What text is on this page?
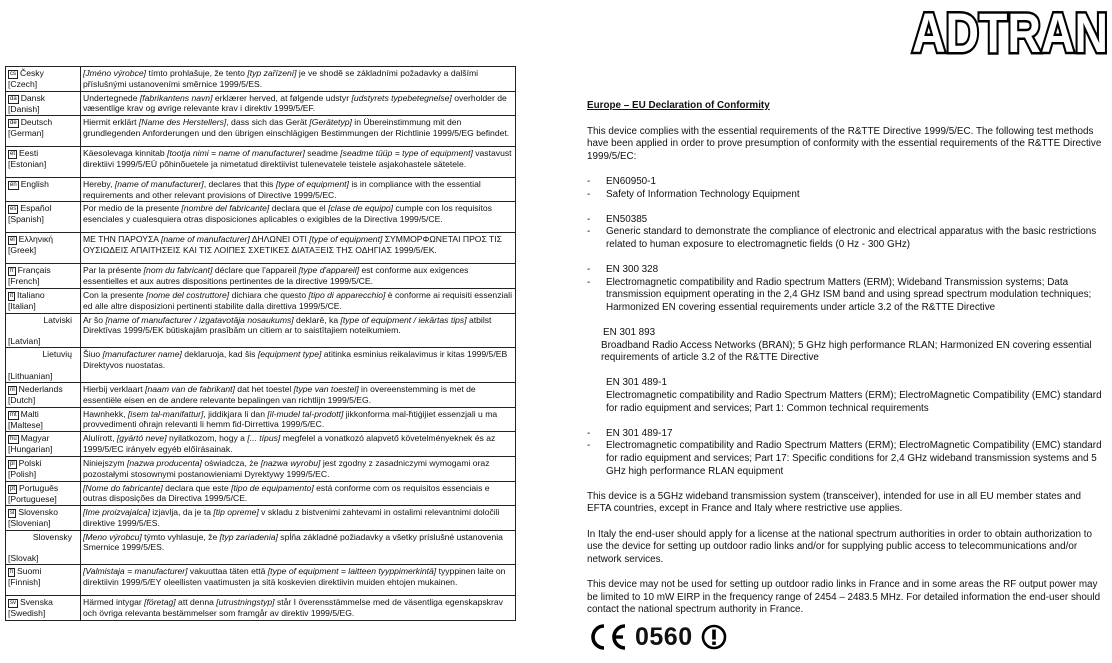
ADTRAN
cs Česky
[Czech]	[Jméno výrobce] tímto prohlašuje, že tento [typ zařízení] je ve shodě se základními požadavky a dalšími příslušnými ustanoveními směrnice 1999/5/ES.
da Dansk
[Danish]	Undertegnede [fabrikantens navn] erklærer herved, at følgende udstyr [udstyrets typebetegnelse] overholder de væsentlige krav og øvrige relevante krav i direktiv 1999/5/EF.
de Deutsch
[German]	Hiermit erklärt [Name des Herstellers], dass sich das Gerät [Gerätetyp] in Übereinstimmung mit den grundlegenden Anforderungen und den übrigen einschlägigen Bestimmungen der Richtlinie 1999/5/EG befindet.
et Eesti
[Estonian]	Käesolevaga kinnitab [tootja nimi = name of manufacturer] seadme [seadme tüüp = type of equipment] vastavust direktiivi 1999/5/EÜ põhinõuetele ja nimetatud direktiivist tulenevatele teistele asjakohastele sätetele.
en English	Hereby, [name of manufacturer], declares that this [type of equipment] is in compliance with the essential requirements and other relevant provisions of Directive 1999/5/EC.
es Español
[Spanish]	Por medio de la presente [nombre del fabricante] declara que el [clase de equipo] cumple con los requisitos esenciales y cualesquiera otras disposiciones aplicables o exigibles de la Directiva 1999/5/CE.
el Ελληνική
[Greek]	ΜΕ ΤΗΝ ΠΑΡΟΥΣΑ [name of manufacturer] ΔΗΛΩΝΕΙ ΟΤΙ [type of equipment] ΣΥΜΜΟΡΦΩΝΕΤΑΙ ΠΡΟΣ ΤΙΣ ΟΥΣΙΩΔΕΙΣ ΑΠΑΙΤΗΣΕΙΣ ΚΑΙ ΤΙΣ ΛΟΙΠΕΣ ΣΧΕΤΙΚΕΣ ΔΙΑΤΑΞΕΙΣ ΤΗΣ ΟΔΗΓΙΑΣ 1999/5/ΕΚ.
fr Français
[French]	Par la présente [nom du fabricant] déclare que l'appareil [type d'appareil] est conforme aux exigences essentielles et aux autres dispositions pertinentes de la directive 1999/5/CE.
it Italiano
[Italian]	Con la presente [nome del costruttore] dichiara che questo [tipo di apparecchio] è conforme ai requisiti essenziali ed alle altre disposizioni pertinenti stabilite dalla direttiva 1999/5/CE.

Latviski

[Latvian]	Ar šo [name of manufacturer / izgatavotāja nosaukums] deklarē, ka [type of equipment / iekārtas tips] atbilst Direktīvas 1999/5/EK būtiskajām prasībām un citiem ar to saistītajiem noteikumiem.

Lietuvių

[Lithuanian]	Šiuo [manufacturer name] deklaruoja, kad šis [equipment type] atitinka esminius reikalavimus ir kitas 1999/5/EB Direktyvos nuostatas.
nl Nederlands
[Dutch]	Hierbij verklaart [naam van de fabrikant] dat het toestel [type van toestel] in overeenstemming is met de essentiële eisen en de andere relevante bepalingen van richtlijn 1999/5/EG.
mt Malti
[Maltese]	Hawnhekk, [isem tal-manifattur], jiddikjara li dan [il-mudel tal-prodott] jikkonforma mal-ħtiġijiet essenzjali u ma provvedimenti oħrajn relevanti li hemm fid-Dirrettiva 1999/5/EC.
hu Magyar
[Hungarian]	Alulírott, [gyártó neve] nyilatkozom, hogy a [... típus] megfelel a vonatkozó alapvető követelményeknek és az 1999/5/EC irányelv egyéb előírásainak.
pl Polski
[Polish]	Niniejszym [nazwa producenta] oświadcza, że [nazwa wyrobu] jest zgodny z zasadniczymi wymogami oraz pozostałymi stosownymi postanowieniami Dyrektywy 1999/5/EC.
pt Português
[Portuguese]	[Nome do fabricante] declara que este [tipo de equipamento] está conforme com os requisitos essenciais e outras disposições da Directiva 1999/5/CE.
sl Slovensko
[Slovenian]	[Ime proizvajalca] izjavlja, da je ta [tip opreme] v skladu z bistvenimi zahtevami in ostalimi relevantnimi določili direktive 1999/5/ES.

Slovensky

[Slovak]	[Meno výrobcu] týmto vyhlasuje, že [typ zariadenia] spĺňa základné požiadavky a všetky príslušné ustanovenia Smernice 1999/5/ES.
fi Suomi
[Finnish]	[Valmistaja = manufacturer] vakuuttaa täten että [type of equipment = laitteen tyyppimerkintä] tyyppinen laite on direktiivin 1999/5/EY oleellisten vaatimusten ja sitä koskevien direktiivin muiden ehtojen mukainen.
sv Svenska
[Swedish]	Härmed intygar [företag] att denna [utrustningstyp] står I överensstämmelse med de väsentliga egenskapskrav och övriga relevanta bestämmelser som framgår av direktiv 1999/5/EG.

Europe – EU Declaration of Conformity

This device complies with the essential requirements of the R&TTE Directive 1999/5/EC. The following test methods have been applied in order to prove presumption of conformity with the essential requirements of the R&TTE Directive 1999/5/EC:

-	EN60950-1
-	Safety of Information Technology Equipment
-	EN50385
-	Generic standard to demonstrate the compliance of electronic and electrical apparatus with the basic restrictions related to human exposure to electromagnetic fields (0 Hz - 300 GHz)
-	EN 300 328
-	Electromagnetic compatibility and Radio spectrum Matters (ERM); Wideband Transmission systems; Data transmission equipment operating in the 2,4 GHz ISM band and using spread spectrum modulation techniques; Harmonized EN covering essential requirements under article 3.2 of the R&TTE Directive

EN 301 893

Broadband Radio Access Networks (BRAN); 5 GHz high performance RLAN; Harmonized EN covering essential requirements of article 3.2 of the R&TTE Directive

EN 301 489-1

Electromagnetic compatibility and Radio Spectrum Matters (ERM); ElectroMagnetic Compatibility (EMC) standard for radio equipment and services; Part 1: Common technical requirements

-	EN 301 489-17
-	Electromagnetic compatibility and Radio Spectrum Matters (ERM); ElectroMagnetic Compatibility (EMC) standard for radio equipment and services; Part 17: Specific conditions for 2,4 GHz wideband transmission systems and 5 GHz high performance RLAN equipment

This device is a 5GHz wideband transmission system (transceiver), intended for use in all EU member states and EFTA countries, except in France and Italy where restrictive use applies.

In Italy the end-user should apply for a license at the national spectrum authorities in order to obtain authorization to use the device for setting up outdoor radio links and/or for supplying public access to telecommunications and/or network services.

This device may not be used for setting up outdoor radio links in France and in some areas the RF output power may be limited to 10 mW EIRP in the frequency range of 2454 – 2483.5 MHz. For detailed information the end-user should contact the national spectrum authority in France.

0560
